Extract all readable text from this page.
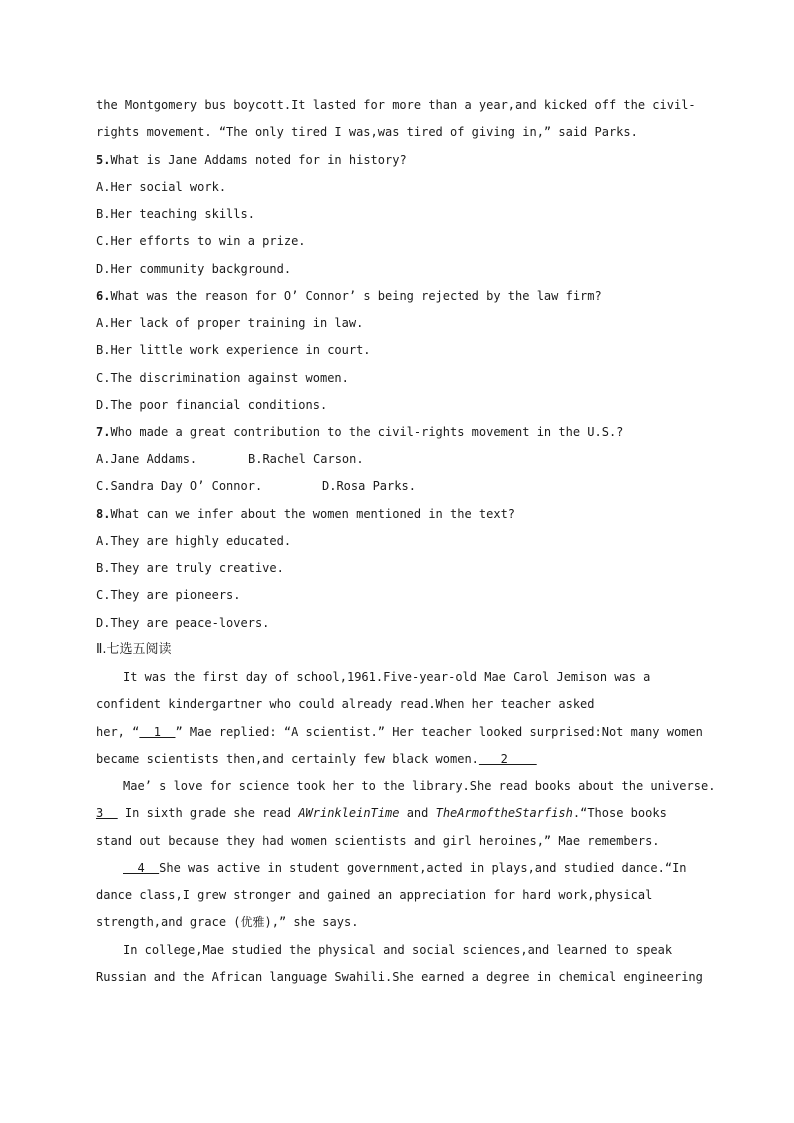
the Montgomery bus boycott.It lasted for more than a year,and kicked off the civil-
rights movement. “The only tired I was,was tired of giving in,” said Parks.
5.What is Jane Addams noted for in history?
A.Her social work.
B.Her teaching skills.
C.Her efforts to win a prize.
D.Her community background.
6.What was the reason for O’ Connor’ s being rejected by the law firm?
A.Her lack of proper training in law.
B.Her little work experience in court.
C.The discrimination against women.
D.The poor financial conditions.
7.Who made a great contribution to the civil-rights movement in the U.S.?
A.Jane Addams.	B.Rachel Carson.
C.Sandra Day O’ Connor.	D.Rosa Parks.
8.What can we infer about the women mentioned in the text?
A.They are highly educated.
B.They are truly creative.
C.They are pioneers.
D.They are peace-lovers.
Ⅱ.七选五阅读
It was the first day of school,1961.Five-year-old Mae Carol Jemison was a
confident kindergartner who could already read.When her teacher asked
her, “  1  ” Mae replied: “A scientist.” Her teacher looked surprised:Not many women
became scientists then,and certainly few black women.   2
Mae’ s love for science took her to the library.She read books about the universe.
3   In sixth grade she read AWrinkleinTime and TheArmoftheStarfish.“Those books
stand out because they had women scientists and girl heroines,” Mae remembers.
4  She was active in student government,acted in plays,and studied dance.“In
dance class,I grew stronger and gained an appreciation for hard work,physical
strength,and grace (优雅),” she says.
In college,Mae studied the physical and social sciences,and learned to speak
Russian and the African language Swahili.She earned a degree in chemical engineering
